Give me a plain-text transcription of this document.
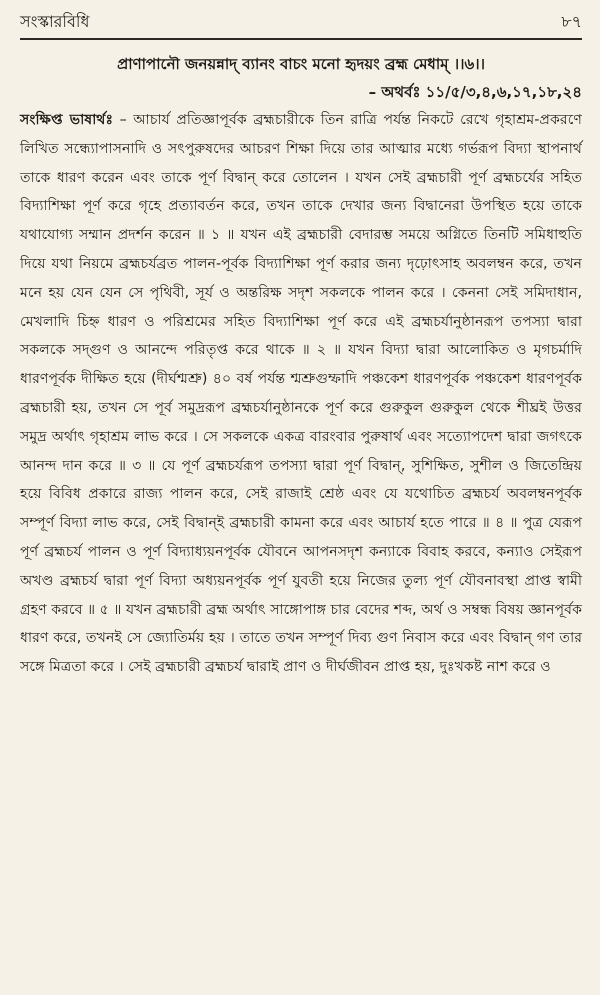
সংস্কারবিধি	৮৭
প্রাণাপানৌ জনয়ন্নাদ্ ব্যানং বাচং মনো হৃদয়ং ব্রহ্ম মেধাম্ ।।৬।।
– অথর্বঃ ১১/৫/৩,৪,৬,১৭,১৮,২৪
সংক্ষিপ্ত ভাষার্থঃ – আচার্য প্রতিজ্ঞাপূর্বক ব্রহ্মচারীকে তিন রাত্রি পর্যন্ত নিকটে রেখে গৃহাশ্রম-প্রকরণে লিখিত সন্ধ্যোপাসনাদি ও সৎপুরুষদের আচরণ শিক্ষা দিয়ে তার আত্মার মধ্যে গর্ভরূপ বিদ্যা স্থাপনার্থ তাকে ধারণ করেন এবং তাকে পূর্ণ বিদ্বান্ করে তোলেন । যখন সেই ব্রহ্মচারী পূর্ণ ব্রহ্মচর্যের সহিত বিদ্যাশিক্ষা পূর্ণ করে গৃহে প্রত্যাবর্তন করে, তখন তাকে দেখার জন্য বিদ্বানেরা উপস্থিত হয়ে তাকে যথাযোগ্য সম্মান প্রদর্শন করেন ॥ ১ ॥ যখন এই ব্রহ্মচারী বেদারম্ভ সময়ে অগ্নিতে তিনটি সমিধাহুতি দিয়ে যথা নিয়মে ব্রহ্মচর্যব্রত পালন-পূর্বক বিদ্যাশিক্ষা পূর্ণ করার জন্য দৃঢ়োৎসাহ অবলম্বন করে, তখন মনে হয় যেন যেন সে পৃথিবী, সূর্য ও অন্তরিক্ষ সদৃশ সকলকে পালন করে । কেননা সেই সমিদাধান, মেখলাদি চিহ্ন ধারণ ও পরিশ্রমের সহিত বিদ্যাশিক্ষা পূর্ণ করে এই ব্রহ্মচর্যানুষ্ঠানরূপ তপস্যা দ্বারা সকলকে সদ্গুণ ও আনন্দে পরিতৃপ্ত করে থাকে ॥ ২ ॥ যখন বিদ্যা দ্বারা আলোকিত ও মৃগচর্মাদি ধারণপূর্বক দীক্ষিত হয়ে (দীর্ঘশ্মশ্রু) ৪০ বর্ষ পর্যন্ত শ্মশ্রুগুম্ফাদি পঞ্চকেশ ধারণপূর্বক পঞ্চকেশ ধারণপূর্বক ব্রহ্মচারী হয়, তখন সে পূর্ব সমুদ্ররূপ ব্রহ্মচর্যানুষ্ঠানকে পূর্ণ করে গুরুকুল গুরুকুল থেকে শীঘ্রই উত্তর সমুদ্র অর্থাৎ গৃহাশ্রম লাভ করে । সে সকলকে একত্র বারংবার পুরুষার্থ এবং সত্যোপদেশ দ্বারা জগৎকে আনন্দ দান করে ॥ ৩ ॥ যে পূর্ণ ব্রহ্মচর্যরূপ তপস্যা দ্বারা পূর্ণ বিদ্বান্, সুশিক্ষিত, সুশীল ও জিতেন্দ্রিয় হয়ে বিবিধ প্রকারে রাজ্য পালন করে, সেই রাজাই শ্রেষ্ঠ এবং যে যথোচিত ব্রহ্মচর্য অবলম্বনপূর্বক সম্পূর্ণ বিদ্যা লাভ করে, সেই বিদ্বান্ই ব্রহ্মচারী কামনা করে এবং আচার্য হতে পারে ॥ ৪ ॥ পুত্র যেরূপ পূর্ণ ব্রহ্মচর্য পালন ও পূর্ণ বিদ্যাধ্যয়নপূর্বক যৌবনে আপনসদৃশ কন্যাকে বিবাহ করবে, কন্যাও সেইরূপ অখণ্ড ব্রহ্মচর্য দ্বারা পূর্ণ বিদ্যা অধ্যয়নপূর্বক পূর্ণ যুবতী হয়ে নিজের তুল্য পূর্ণ যৌবনাবস্থা প্রাপ্ত স্বামী গ্রহণ করবে ॥ ৫ ॥ যখন ব্রহ্মচারী ব্রহ্ম অর্থাৎ সাঙ্গোপাঙ্গ চার বেদের শব্দ, অর্থ ও সম্বন্ধ বিষয় জ্ঞানপূর্বক ধারণ করে, তখনই সে জ্যোতির্ময় হয় । তাতে তখন সম্পূর্ণ দিব্য গুণ নিবাস করে এবং বিদ্বান্ গণ তার সঙ্গে মিত্রতা করে । সেই ব্রহ্মচারী ব্রহ্মচর্য দ্বারাই প্রাণ ও দীর্ঘজীবন প্রাপ্ত হয়, দুঃখকষ্ট নাশ করে ও
